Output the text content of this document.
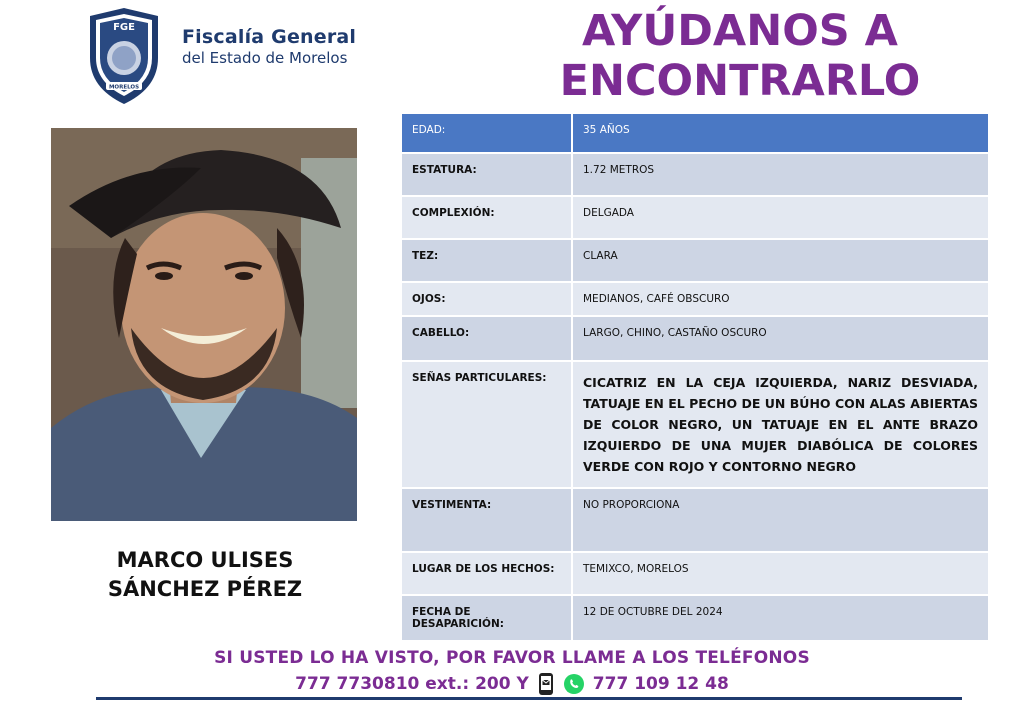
FGE
MORELOS
Fiscalía General
del Estado de Morelos
AYÚDANOS A
ENCONTRARLO
MARCO ULISES
SÁNCHEZ PÉREZ
EDAD:	35 AÑOS
ESTATURA:	1.72 METROS
COMPLEXIÓN:	DELGADA
TEZ:	CLARA
OJOS:	MEDIANOS, CAFÉ OBSCURO
CABELLO:	LARGO, CHINO, CASTAÑO OSCURO
SEÑAS PARTICULARES:	CICATRIZ EN LA CEJA IZQUIERDA, NARIZ DESVIADA, TATUAJE EN EL PECHO DE UN BÚHO CON ALAS ABIERTAS DE COLOR NEGRO, UN TATUAJE EN EL ANTE BRAZO IZQUIERDO DE UNA MUJER DIABÓLICA DE COLORES VERDE CON ROJO Y CONTORNO NEGRO
VESTIMENTA:	NO PROPORCIONA
LUGAR DE LOS HECHOS:	TEMIXCO, MORELOS
FECHA DE DESAPARICIÓN:	12 DE OCTUBRE DEL 2024
SI USTED LO HA VISTO, POR FAVOR LLAME A LOS TELÉFONOS
777 7730810 ext.: 200 Y	777 109 12 48
